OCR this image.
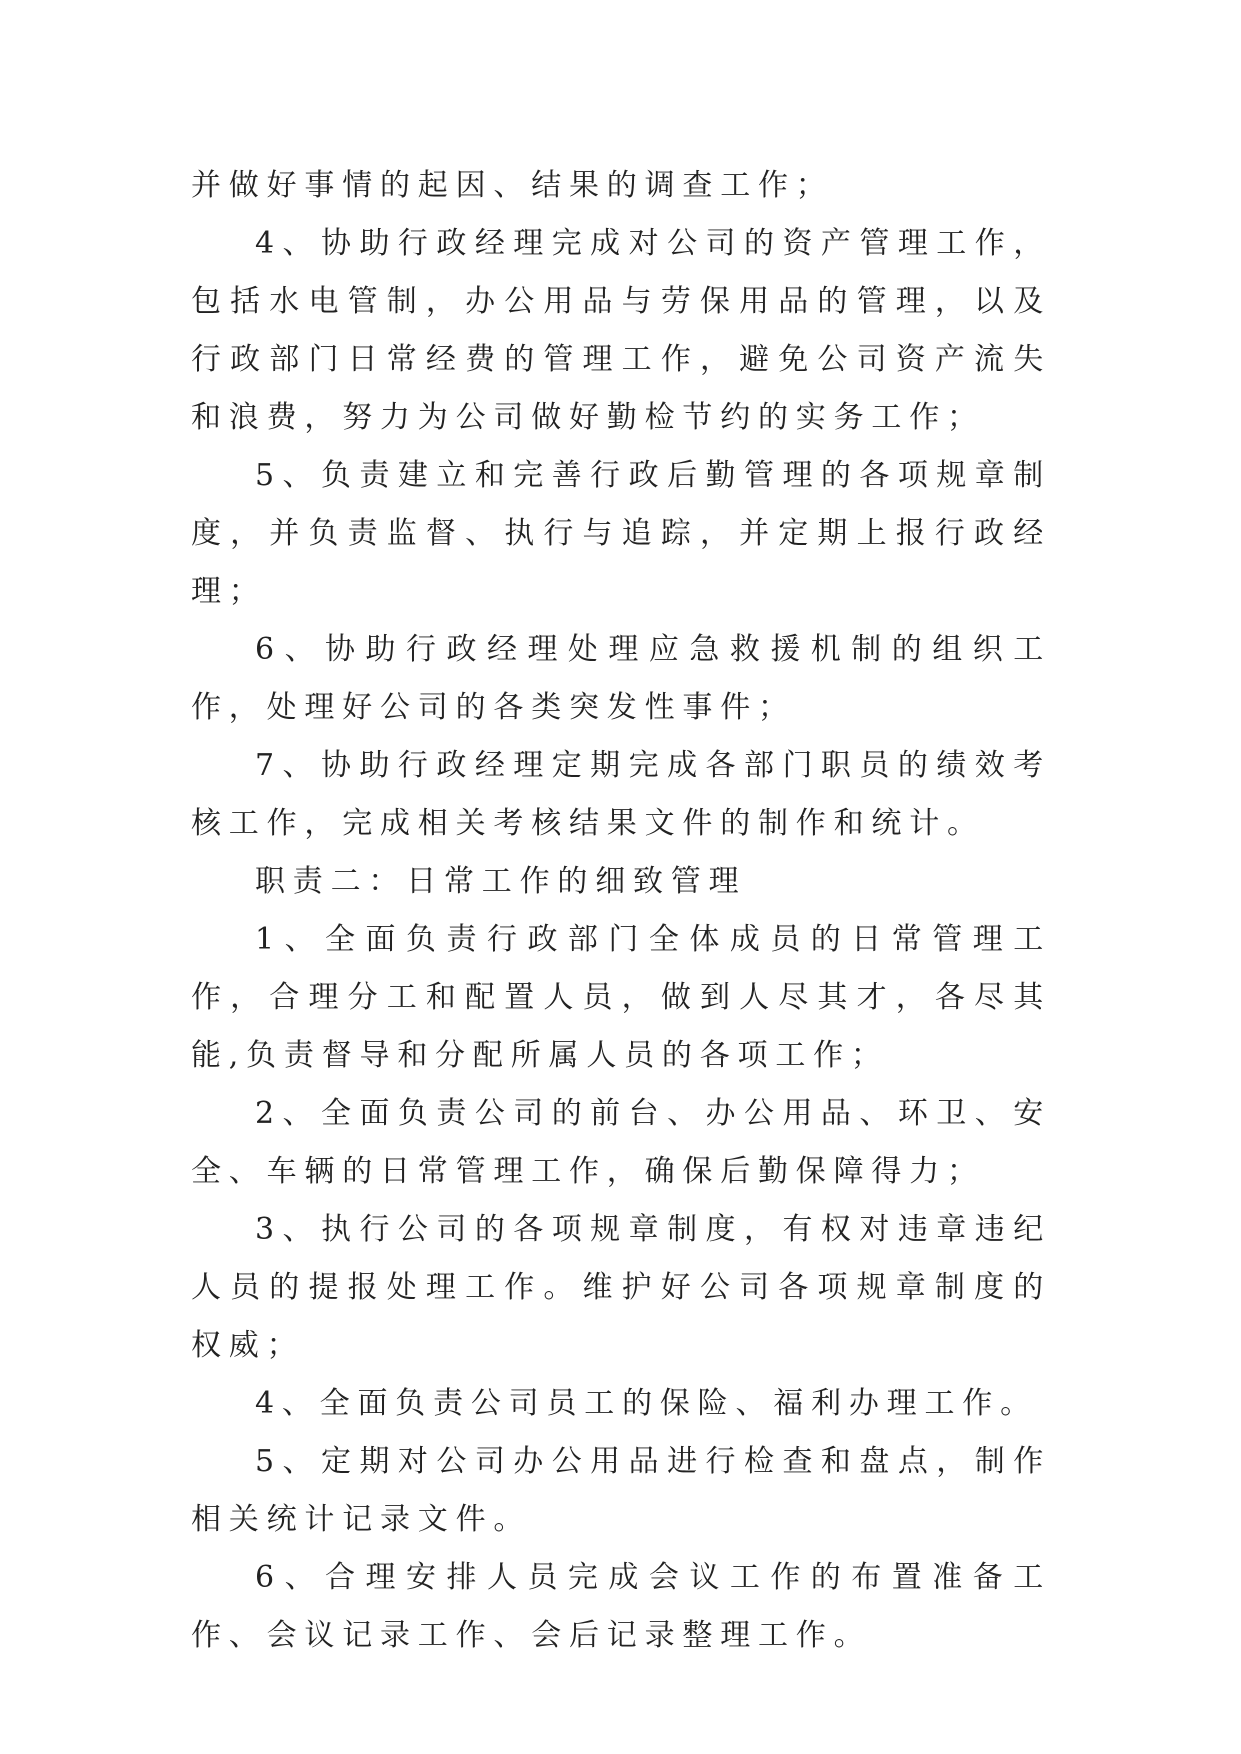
并做好事情的起因、结果的调查工作；

4、协助行政经理完成对公司的资产管理工作，包括水电管制，办公用品与劳保用品的管理，以及行政部门日常经费的管理工作，避免公司资产流失和浪费，努力为公司做好勤检节约的实务工作；

5、负责建立和完善行政后勤管理的各项规章制度，并负责监督、执行与追踪，并定期上报行政经理；

6、协助行政经理处理应急救援机制的组织工作，处理好公司的各类突发性事件；

7、协助行政经理定期完成各部门职员的绩效考核工作，完成相关考核结果文件的制作和统计。

职责二：日常工作的细致管理

1、全面负责行政部门全体成员的日常管理工作，合理分工和配置人员，做到人尽其才，各尽其能,负责督导和分配所属人员的各项工作；

2、全面负责公司的前台、办公用品、环卫、安全、车辆的日常管理工作，确保后勤保障得力；

3、执行公司的各项规章制度，有权对违章违纪人员的提报处理工作。维护好公司各项规章制度的权威；

4、全面负责公司员工的保险、福利办理工作。

5、定期对公司办公用品进行检查和盘点，制作相关统计记录文件。

6、合理安排人员完成会议工作的布置准备工作、会议记录工作、会后记录整理工作。
